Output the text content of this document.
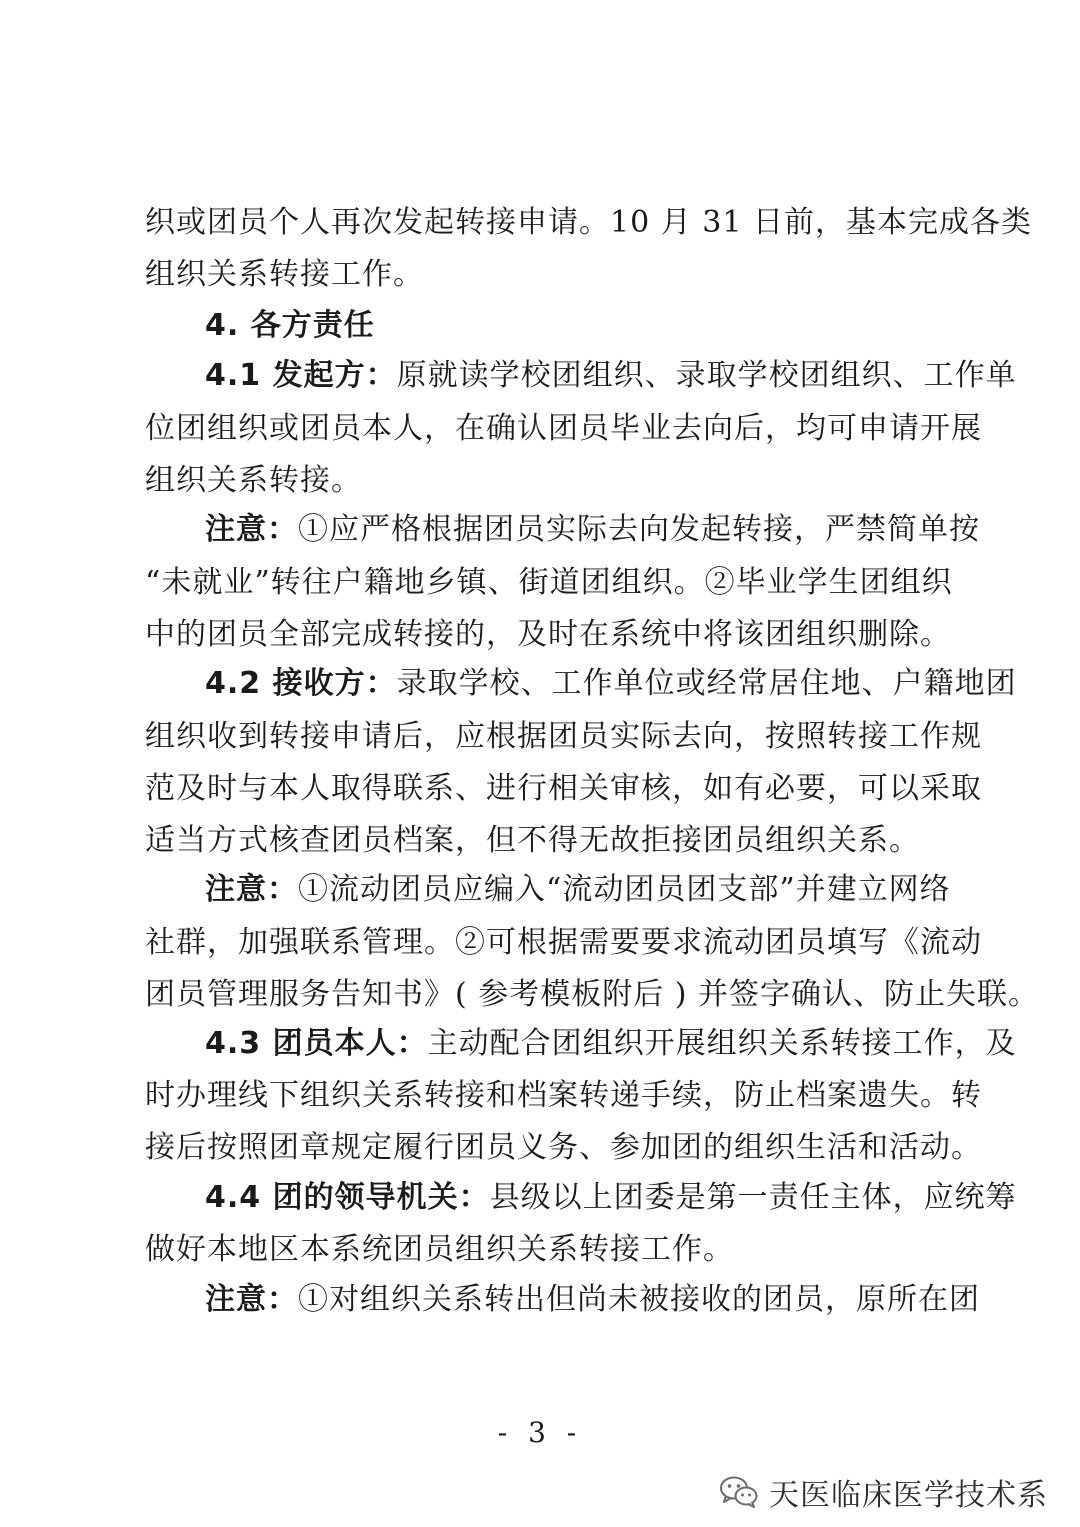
织或团员个人再次发起转接申请。10 月 31 日前，基本完成各类
组织关系转接工作。
4. 各方责任
4.1 发起方：原就读学校团组织、录取学校团组织、工作单
位团组织或团员本人，在确认团员毕业去向后，均可申请开展
组织关系转接。
注意：①应严格根据团员实际去向发起转接，严禁简单按
“未就业”转往户籍地乡镇、街道团组织。②毕业学生团组织
中的团员全部完成转接的，及时在系统中将该团组织删除。
4.2 接收方：录取学校、工作单位或经常居住地、户籍地团
组织收到转接申请后，应根据团员实际去向，按照转接工作规
范及时与本人取得联系、进行相关审核，如有必要，可以采取
适当方式核查团员档案，但不得无故拒接团员组织关系。
注意：①流动团员应编入“流动团员团支部”并建立网络
社群，加强联系管理。②可根据需要要求流动团员填写《流动
团员管理服务告知书》( 参考模板附后 ) 并签字确认、防止失联。
4.3 团员本人：主动配合团组织开展组织关系转接工作，及
时办理线下组织关系转接和档案转递手续，防止档案遗失。转
接后按照团章规定履行团员义务、参加团的组织生活和活动。
4.4 团的领导机关：县级以上团委是第一责任主体，应统筹
做好本地区本系统团员组织关系转接工作。
注意：①对组织关系转出但尚未被接收的团员，原所在团
- 3 -
天医临床医学技术系
